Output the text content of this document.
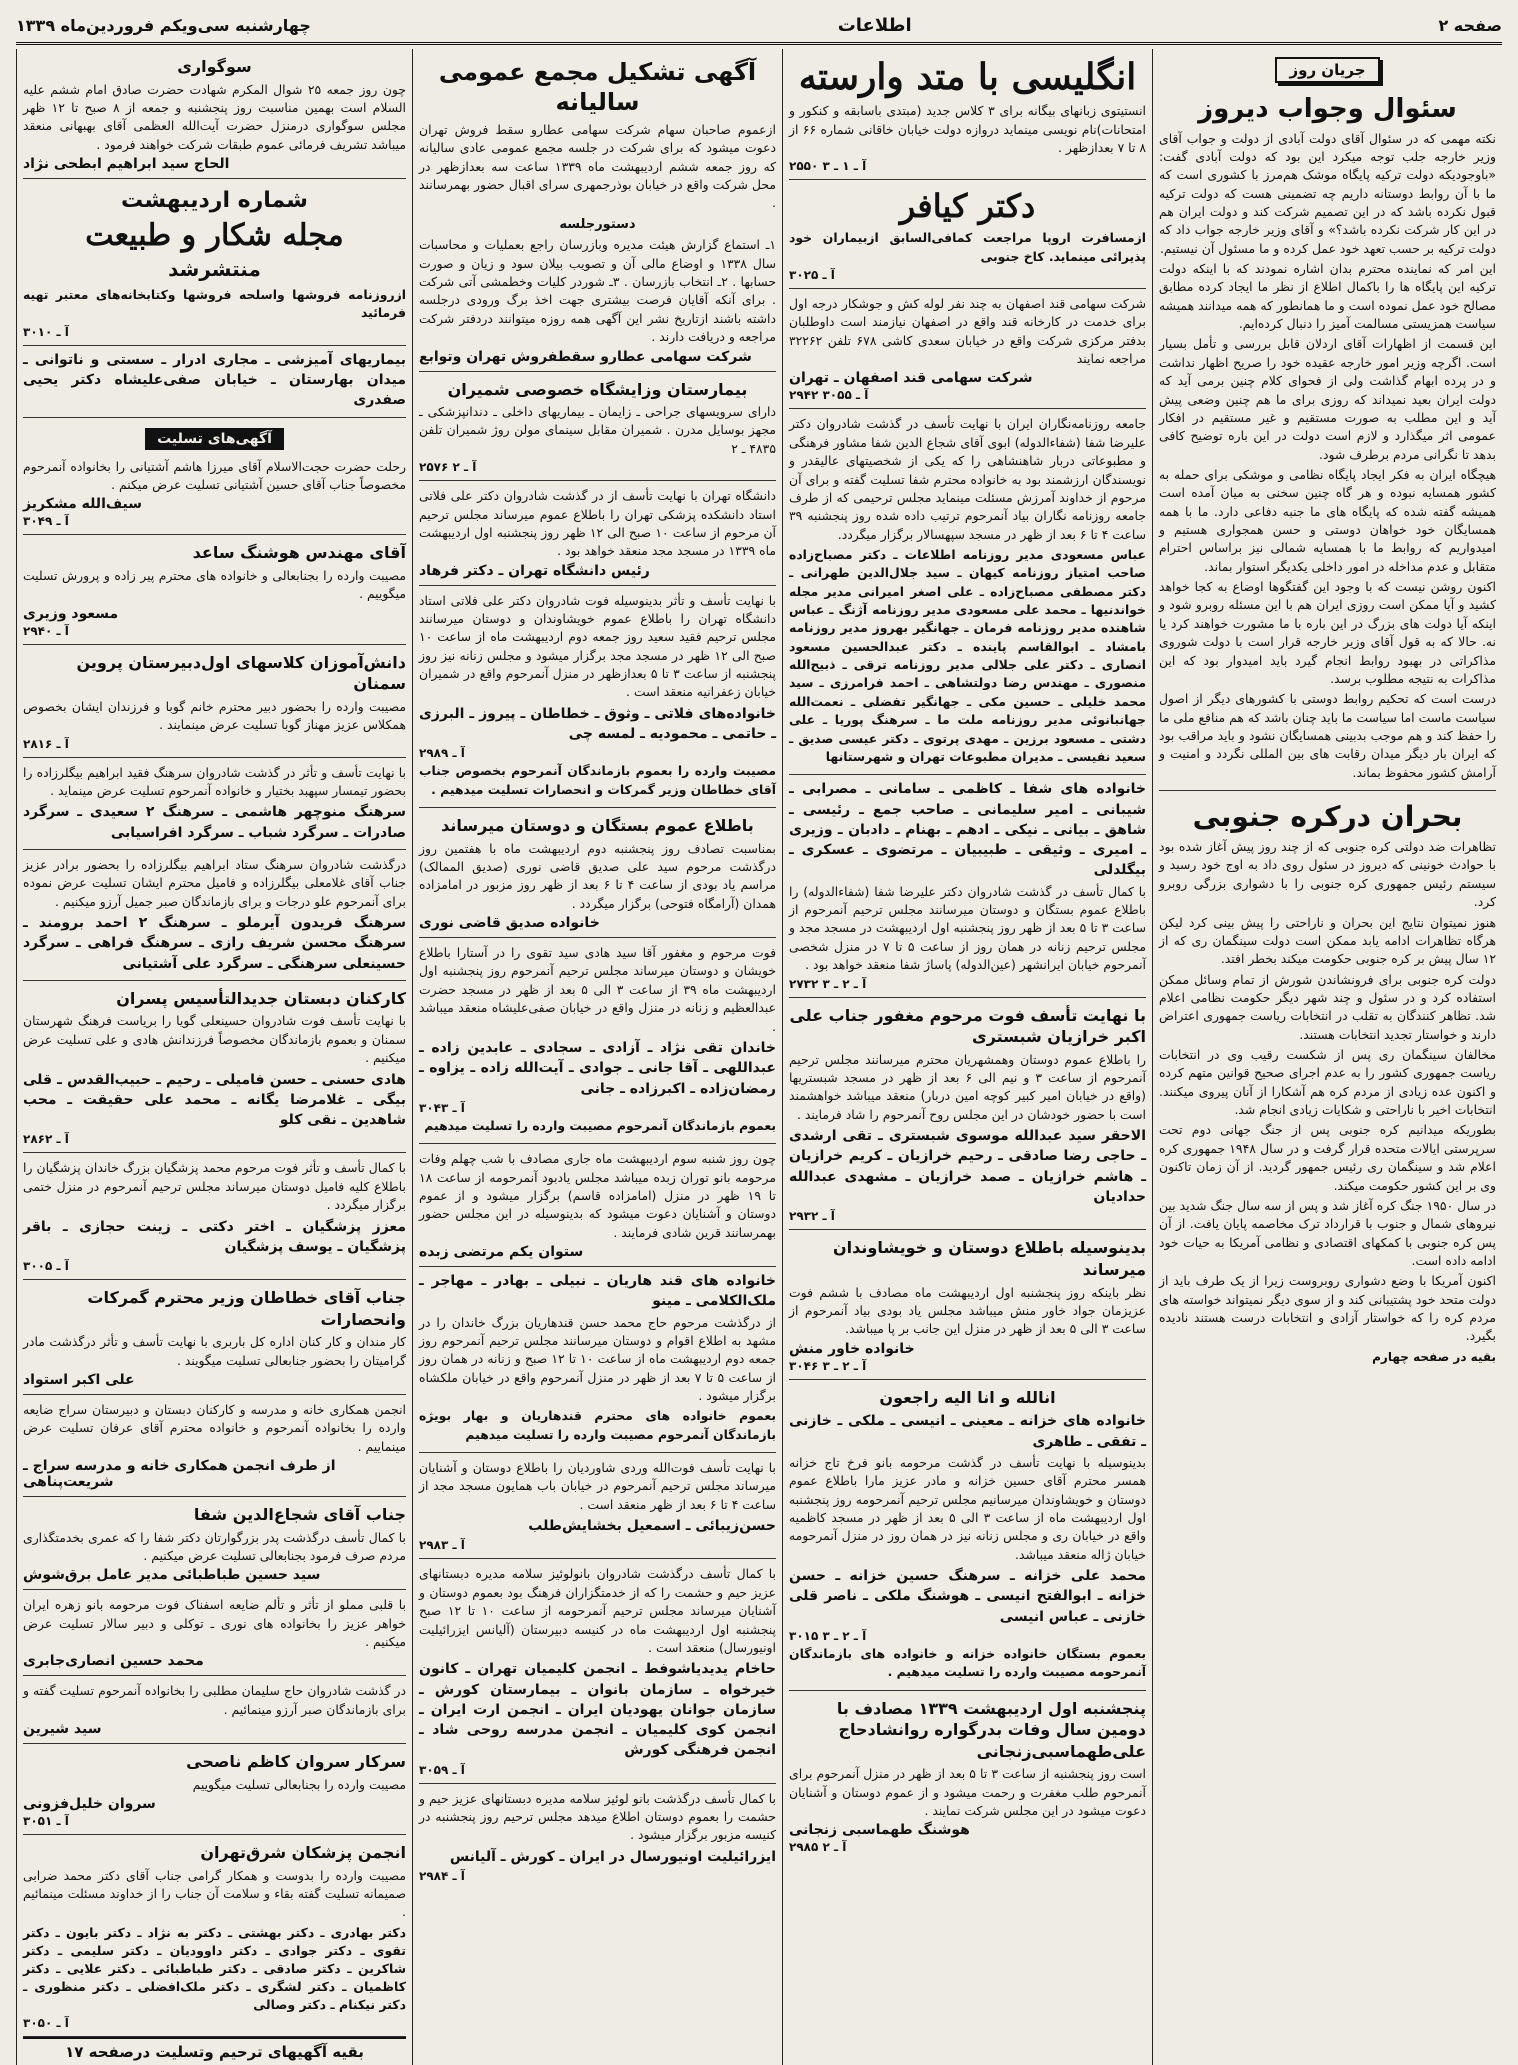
صفحه ۲
اطلاعات
چهارشنبه سی‌ویکم فروردین‌ماه ۱۳۳۹
جریان روز
سئوال وجواب دیروز

نکته مهمی که در سئوال آقای دولت آبادی از دولت و جواب آقای وزیر خارجه جلب توجه میکرد این بود که دولت آبادی گفت: «باوجودیکه دولت ترکیه پایگاه موشک هم‌مرز با کشوری است که ما با آن روابط دوستانه داریم چه تضمینی هست که دولت ترکیه قبول نکرده باشد که در این تصمیم شرکت کند و دولت ایران هم در این کار شرکت نکرده باشد؟» و آقای وزیر خارجه جواب داد که دولت ترکیه بر حسب تعهد خود عمل کرده و ما مسئول آن نیستیم.

این امر که نماینده محترم بدان اشاره نمودند که با اینکه دولت ترکیه این پایگاه ها را باکمال اطلاع از نظر ما ایجاد کرده مطابق مصالح خود عمل نموده است و ما همانطور که همه میدانند همیشه سیاست همزیستی مسالمت آمیز را دنبال کرده‌ایم.

این قسمت از اظهارات آقای اردلان قابل بررسی و تأمل بسیار است. اگرچه وزیر امور خارجه عقیده خود را صریح اظهار نداشت و در پرده ابهام گذاشت ولی از فحوای کلام چنین برمی آید که دولت ایران بعید نمیداند که روزی برای ما هم چنین وضعی پیش آید و این مطلب به صورت مستقیم و غیر مستقیم در افکار عمومی اثر میگذارد و لازم است دولت در این باره توضیح کافی بدهد تا نگرانی مردم برطرف شود.

هیچگاه ایران به فکر ایجاد پایگاه نظامی و موشکی برای حمله به کشور همسایه نبوده و هر گاه چنین سخنی به میان آمده است همیشه گفته شده که پایگاه های ما جنبه دفاعی دارد. ما با همه همسایگان خود خواهان دوستی و حسن همجواری هستیم و امیدواریم که روابط ما با همسایه شمالی نیز براساس احترام متقابل و عدم مداخله در امور داخلی یکدیگر استوار بماند.

اکنون روشن نیست که با وجود این گفتگوها اوضاع به کجا خواهد کشید و آیا ممکن است روزی ایران هم با این مسئله روبرو شود و اینکه آیا دولت های بزرگ در این باره با ما مشورت خواهند کرد یا نه. حالا که به قول آقای وزیر خارجه قرار است با دولت شوروی مذاکراتی در بهبود روابط انجام گیرد باید امیدوار بود که این مذاکرات به نتیجه مطلوب برسد.

درست است که تحکیم روابط دوستی با کشورهای دیگر از اصول سیاست ماست اما سیاست ما باید چنان باشد که هم منافع ملی ما را حفظ کند و هم موجب بدبینی همسایگان نشود و باید مراقب بود که ایران بار دیگر میدان رقابت های بین المللی نگردد و امنیت و آرامش کشور محفوظ بماند.

بحران درکره جنوبی

تظاهرات ضد دولتی کره جنوبی که از چند روز پیش آغاز شده بود با حوادث خونینی که دیروز در سئول روی داد به اوج خود رسید و سیستم رئیس جمهوری کره جنوبی را با دشواری بزرگی روبرو کرد.

هنوز نمیتوان نتایج این بحران و ناراحتی را پیش بینی کرد لیکن هرگاه تظاهرات ادامه یابد ممکن است دولت سینگمان ری که از ۱۲ سال پیش بر کره جنوبی حکومت میکند بخطر افتد.

دولت کره جنوبی برای فرونشاندن شورش از تمام وسائل ممکن استفاده کرد و در سئول و چند شهر دیگر حکومت نظامی اعلام شد. تظاهر کنندگان به تقلب در انتخابات ریاست جمهوری اعتراض دارند و خواستار تجدید انتخابات هستند.

مخالفان سینگمان ری پس از شکست رقیب وی در انتخابات ریاست جمهوری کشور را به عدم اجرای صحیح قوانین متهم کرده و اکنون عده زیادی از مردم کره هم آشکارا از آنان پیروی میکنند. انتخابات اخیر با ناراحتی و شکایات زیادی انجام شد.

بطوریکه میدانیم کره جنوبی پس از جنگ جهانی دوم تحت سرپرستی ایالات متحده قرار گرفت و در سال ۱۹۴۸ جمهوری کره اعلام شد و سینگمان ری رئیس جمهور گردید. از آن زمان تاکنون وی بر این کشور حکومت میکند.

در سال ۱۹۵۰ جنگ کره آغاز شد و پس از سه سال جنگ شدید بین نیروهای شمال و جنوب با قرارداد ترک مخاصمه پایان یافت. از آن پس کره جنوبی با کمکهای اقتصادی و نظامی آمریکا به حیات خود ادامه داده است.

اکنون آمریکا با وضع دشواری روبروست زیرا از یک طرف باید از دولت متحد خود پشتیبانی کند و از سوی دیگر نمیتواند خواسته های مردم کره را که خواستار آزادی و انتخابات درست هستند نادیده بگیرد.

بقیه در صفحه چهارم
انگلیسی با متد وارسته

انستیتوی زبانهای بیگانه برای ۳ کلاس جدید (مبتدی باسابقه و کنکور و امتحانات)نام نویسی مینماید دروازه دولت خیابان خاقانی شماره ۶۶ از ۸ تا ۷ بعدازظهر .

۲۵۵۰ آ ـ ۱ ـ ۳
دکتر کیافر

ازمسافرت اروپا مراجعت کمافی‌السابق ازبیماران خود پذیرائی مینماید. کاخ جنوبی

۳۰۲۵ آ ـ

شرکت سهامی قند اصفهان به چند نفر لوله کش و جوشکار درجه اول برای خدمت در کارخانه قند واقع در اصفهان نیازمند است داوطلبان بدفتر مرکزی شرکت واقع در خیابان سعدی کاشی ۶۷۸ تلفن ۳۲۲۶۲ مراجعه نمایند

شرکت سهامی قند اصفهان ـ تهران
۲۹۴۲ آ ـ ۳۰۵۵

جامعه روزنامه‌نگاران ایران با نهایت تأسف در گذشت شادروان دکتر علیرضا شفا (شفاءالدوله) ابوی آقای شجاع الدین شفا مشاور فرهنگی و مطبوعاتی دربار شاهنشاهی را که یکی از شخصیتهای عالیقدر و نویسندگان ارزشمند بود به خانواده محترم شفا تسلیت گفته و برای آن مرحوم از خداوند آمرزش مسئلت مینماید مجلس ترحیمی که از طرف جامعه روزنامه نگاران بیاد آنمرحوم ترتیب داده شده روز پنجشنبه ۳۹ ساعت ۴ تا ۶ بعد از ظهر در مسجد سپهسالار برگزار میگردد.

عباس مسعودی مدیر روزنامه اطلاعات ـ دکتر مصباح‌زاده صاحب امتیاز روزنامه کیهان ـ سید جلال‌الدین طهرانی ـ دکتر مصطفی مصباح‌زاده ـ علی اصغر امیرانی مدیر مجله خواندنیها ـ محمد علی مسعودی مدیر روزنامه آژنگ ـ عباس شاهنده مدیر روزنامه فرمان ـ جهانگیر بهروز مدیر روزنامه بامشاد ـ ابوالقاسم پاینده ـ دکتر عبدالحسین مسعود انصاری ـ دکتر علی جلالی مدیر روزنامه ترقی ـ ذبیح‌الله منصوری ـ مهندس رضا دولتشاهی ـ احمد فرامرزی ـ سید محمد خلیلی ـ حسین مکی ـ جهانگیر تفضلی ـ نعمت‌الله جهانبانوئی مدیر روزنامه ملت ما ـ سرهنگ پوریا ـ علی دشتی ـ مسعود برزین ـ مهدی پرتوی ـ دکتر عیسی صدیق ـ سعید نفیسی ـ مدیران مطبوعات تهران و شهرستانها

خانواده های شفا ـ کاظمی ـ سامانی ـ مصرابی ـ شیبانی ـ امیر سلیمانی ـ صاحب جمع ـ رئیسی ـ شاهق ـ بیانی ـ نیکی ـ ادهم ـ بهنام ـ دادبان ـ وزیری ـ امیری ـ وثیقی ـ طبیبیان ـ مرتضوی ـ عسکری ـ بیگلدلی

با کمال تأسف در گذشت شادروان دکتر علیرضا شفا (شفاءالدوله) را باطلاع عموم بستگان و دوستان میرسانند مجلس ترحیم آنمرحوم از ساعت ۳ تا ۵ بعد از ظهر روز پنجشنبه اول اردیبهشت در مسجد مجد و مجلس ترحیم زنانه در همان روز از ساعت ۵ تا ۷ در منزل شخصی آنمرحوم خیابان ایرانشهر (عین‌الدوله) پاساژ شفا منعقد خواهد بود .

۲۷۳۲ آ ـ ۲ ـ ۳
با نهایت تأسف فوت مرحوم مغفور جناب علی اکبر خرازیان شبستری

را باطلاع عموم دوستان وهمشهریان محترم میرسانند مجلس ترحیم آنمرحوم از ساعت ۳ و نیم الی ۶ بعد از ظهر در مسجد شبستریها (واقع در خیابان امیر کبیر کوچه امین دربار) منعقد میباشد خواهشمند است با حضور خودشان در این مجلس روح آنمرحوم را شاد فرمایند .

الاحقر سید عبدالله موسوی شبستری ـ تقی ارشدی ـ حاجی رضا صادقی ـ رحیم خرازیان ـ کریم خرازیان ـ هاشم خرازیان ـ صمد خرازیان ـ مشهدی عبدالله حدادیان
۲۹۳۲ آ ـ
بدینوسیله باطلاع دوستان و خویشاوندان میرساند

نظر باینکه روز پنجشنبه اول اردیبهشت ماه مصادف با ششم فوت عزیزمان جواد خاور منش میباشد مجلس یاد بودی بیاد آنمرحوم از ساعت ۳ الی ۵ بعد از ظهر در منزل این جانب بر پا میباشد.

خانواده خاور منش
۳۰۴۶ آ ـ ۲ ـ ۳
انالله و انا الیه راجعون
خانواده های خزانه ـ معینی ـ انیسی ـ ملکی ـ خازنی ـ تفقی ـ طاهری

بدینوسیله با نهایت تأسف در گذشت مرحومه بانو فرخ تاج خزانه همسر محترم آقای حسین خزانه و مادر عزیز مارا باطلاع عموم دوستان و خویشاوندان میرسانیم مجلس ترحیم آنمرحومه روز پنجشنبه اول اردیبهشت ماه از ساعت ۳ الی ۵ بعد از ظهر در مسجد کاظمیه واقع در خیابان ری و مجلس زنانه نیز در همان روز در منزل آنمرحومه خیابان ژاله منعقد میباشد.

محمد علی خزانه ـ سرهنگ حسین خزانه ـ حسن خزانه ـ ابوالفتح انیسی ـ هوشنگ ملکی ـ ناصر قلی خازنی ـ عباس انیسی
۳۰۱۵ آ ـ ۲ ـ ۳

بعموم بستگان خانواده خزانه و خانواده های بازماندگان آنمرحومه مصیبت وارده را تسلیت میدهیم .

پنجشنبه اول اردیبهشت ۱۳۳۹ مصادف با دومین سال وفات بدرگواره روانشادحاج علی‌طهماسبی‌زنجانی

است روز پنجشنبه از ساعت ۳ تا ۵ بعد از ظهر در منزل آنمرحوم برای آنمرحوم طلب مغفرت و رحمت میشود و از عموم دوستان و آشنایان دعوت میشود در این مجلس شرکت نمایند .

هوشنگ طهماسبی زنجانی
۲۹۸۵ آ ـ ۲
آگهی تشکیل مجمع عمومی سالیانه

ازعموم صاحبان سهام شرکت سهامی عطارو سقط فروش تهران دعوت میشود که برای شرکت در جلسه مجمع عمومی عادی سالیانه که روز جمعه ششم اردیبهشت ماه ۱۳۳۹ ساعت سه بعدازظهر در محل شرکت واقع در خیابان بوذرجمهری سرای اقبال حضور بهمرسانند .

دستورجلسه

۱ـ استماع گزارش هیئت مدیره وبازرسان راجع بعملیات و محاسبات سال ۱۳۳۸ و اوضاع مالی آن و تصویب بیلان سود و زیان و صورت حسابها . ۲ـ انتخاب بازرسان . ۳ـ شوردر کلیات وخطمشی آتی شرکت . برای آنکه آقایان فرصت بیشتری جهت اخذ برگ ورودی درجلسه داشته باشند ازتاریخ نشر این آگهی همه روزه میتوانند دردفتر شرکت مراجعه و دریافت دارند .

شرکت سهامی عطارو سقطفروش تهران وتوابع
بیمارستان وزایشگاه خصوصی شمیران

دارای سرویسهای جراحی ـ زایمان ـ بیماریهای داخلی ـ دندانپزشکی ـ مجهز بوسایل مدرن . شمیران مقابل سینمای مولن روژ شمیران تلفن ۴۸۳۵ ـ ۲

۲۵۷۶ آ ـ ۲

دانشگاه تهران با نهایت تأسف از در گذشت شادروان دکتر علی فلاتی استاد دانشکده پزشکی تهران را باطلاع عموم میرساند مجلس ترحیم آن مرحوم از ساعت ۱۰ صبح الی ۱۲ ظهر روز پنجشنبه اول اردیبهشت ماه ۱۳۳۹ در مسجد مجد منعقد خواهد بود .

رئیس دانشگاه تهران ـ دکتر فرهاد

با نهایت تأسف و تأثر بدینوسیله فوت شادروان دکتر علی فلاتی استاد دانشگاه تهران را باطلاع عموم خویشاوندان و دوستان میرسانند مجلس ترحیم فقید سعید روز جمعه دوم اردیبهشت ماه از ساعت ۱۰ صبح الی ۱۲ ظهر در مسجد مجد برگزار میشود و مجلس زنانه نیز روز پنجشنبه از ساعت ۳ تا ۵ بعدازظهر در منزل آنمرحوم واقع در شمیران خیابان زعفرانیه منعقد است .

خانواده‌های فلاتی ـ وثوق ـ خطاطان ـ پیروز ـ البرزی ـ حاتمی ـ محمودیه ـ لمسه چی
۲۹۸۹ آ ـ

مصیبت وارده را بعموم بازماندگان آنمرحوم بخصوص جناب آقای خطاطان وزیر گمرکات و انحصارات تسلیت میدهیم .

باطلاع عموم بستگان و دوستان میرساند

بمناسبت تصادف روز پنجشنبه دوم اردیبهشت ماه با هفتمین روز درگذشت مرحوم سید علی صدیق قاضی نوری (صدیق الممالک) مراسم یاد بودی از ساعت ۴ تا ۶ بعد از ظهر روز مزبور در امامزاده همدان (آرامگاه فتوحی) برگزار میگردد .

خانواده صدیق قاضی نوری

فوت مرحوم و مغفور آقا سید هادی سید تقوی را در آستارا باطلاع خویشان و دوستان میرساند مجلس ترحیم آنمرحوم روز پنجشنبه اول اردیبهشت ماه ۳۹ از ساعت ۳ الی ۵ بعد از ظهر در مسجد حضرت عبدالعظیم و زنانه در منزل واقع در خیابان صفی‌علیشاه منعقد میباشد .

خاندان تقی نژاد ـ آزادی ـ سجادی ـ عابدین زاده ـ عبداللهی ـ آقا جانی ـ جوادی ـ آیت‌الله زاده ـ یزاوه ـ رمضان‌زاده ـ اکبرزاده ـ جانی
۳۰۴۳ آ ـ

بعموم بازماندگان آنمرحوم مصیبت وارده را تسلیت میدهیم

چون روز شنبه سوم اردیبهشت ماه جاری مصادف با شب چهلم وفات مرحومه بانو توران زبده میباشد مجلس یادبود آنمرحومه از ساعت ۱۸ تا ۱۹ ظهر در منزل (امامزاده قاسم) برگزار میشود و از عموم دوستان و آشنایان دعوت میشود که بدینوسیله در این مجلس حضور بهمرسانند قرین شادی فرمایند .

ستوان یکم مرتضی زبده
خانواده های قند هاریان ـ نبیلی ـ بهادر ـ مهاجر ـ ملک‌الکلامی ـ مینو

از درگذشت مرحوم حاج محمد حسن قندهاریان بزرگ خاندان را در مشهد به اطلاع اقوام و دوستان میرسانند مجلس ترحیم آنمرحوم روز جمعه دوم اردیبهشت ماه از ساعت ۱۰ تا ۱۲ صبح و زنانه در همان روز از ساعت ۵ تا ۷ بعد از ظهر در منزل آنمرحوم واقع در خیابان ملکشاه برگزار میشود .

بعموم خانواده های محترم قندهاریان و بهار بویژه بازماندگان آنمرحوم مصیبت وارده را تسلیت میدهیم

با نهایت تأسف فوت‌الله وردی شاوردیان را باطلاع دوستان و آشنایان میرساند مجلس ترحیم آنمرحوم در خیابان باب همایون مسجد مجد از ساعت ۴ تا ۶ بعد از ظهر منعقد است .

حسن‌زیبائی ـ اسمعیل بخشایش‌طلب
۲۹۸۳ آ ـ

با کمال تأسف درگذشت شادروان بانولوئیز سلامه مدیره دبستانهای عزیز حیم و حشمت را که از خدمتگزاران فرهنگ بود بعموم دوستان و آشنایان میرساند مجلس ترحیم آنمرحومه از ساعت ۱۰ تا ۱۲ صبح پنجشنبه اول اردیبهشت ماه در کنیسه دبیرستان (آلیانس ایزرائیلیت اونیورسال) منعقد است .

حاخام یدیدیاشوفط ـ انجمن کلیمیان تهران ـ کانون خیرخواه ـ سازمان بانوان ـ بیمارستان کورش ـ سازمان جوانان یهودیان ایران ـ انجمن ارت ایران ـ انجمن کوی کلیمیان ـ انجمن مدرسه روحی شاد ـ انجمن فرهنگی کورش
۳۰۵۹ آ ـ

با کمال تأسف درگذشت بانو لوئیز سلامه مدیره دبستانهای عزیز حیم و حشمت را بعموم دوستان اطلاع میدهد مجلس ترحیم روز پنجشنبه در کنیسه مزبور برگزار میشود .

ایزرائیلیت اونیورسال در ایران ـ کورش ـ آلیانس
۲۹۸۴ آ ـ
سوگواری

چون روز جمعه ۲۵ شوال المکرم شهادت حضرت صادق امام ششم علیه السلام است بهمین مناسبت روز پنجشنبه و جمعه از ۸ صبح تا ۱۲ ظهر مجلس سوگواری درمنزل حضرت آیت‌الله العظمی آقای بهبهانی منعقد میباشد تشریف فرمائی عموم طبقات شرکت خواهند فرمود .

الحاج سید ابراهیم ابطحی نژاد
شماره اردیبهشت
مجله شکار و طبیعت
منتشرشد

ازروزنامه فروشها واسلحه فروشها وکتابخانه‌های معتبر تهیه فرمائید

۳۰۱۰ آ ـ
بیماریهای آمیزشی ـ مجاری ادرار ـ سستی و ناتوانی ـ میدان بهارستان ـ خیابان صفی‌علیشاه دکتر یحیی صفدری
آگهی‌های تسلیت

رحلت حضرت حجت‌الاسلام آقای میرزا هاشم آشتیانی را بخانواده آنمرحوم مخصوصاً جناب آقای حسین آشتیانی تسلیت عرض میکنم .

سیف‌الله مشکریز
۳۰۴۹ آ ـ
آقای مهندس هوشنگ ساعد

مصیبت وارده را بجنابعالی و خانواده های محترم پیر زاده و پرورش تسلیت میگوییم .

مسعود وزیری
۲۹۴۰ آ ـ
دانش‌آموزان کلاسهای اول‌دبیرستان پروین سمنان

مصیبت وارده را بحضور دبیر محترم خانم گوبا و فرزندان ایشان بخصوص همکلاس عزیز مهناز گوبا تسلیت عرض مینمایند .

۲۸۱۶ آ ـ

با نهایت تأسف و تأثر در گذشت شادروان سرهنگ فقید ابراهیم بیگلرزاده را بحضور تیمسار سپهبد بختیار و خانواده آنمرحوم تسلیت عرض مینماید .

سرهنگ منوچهر هاشمی ـ سرهنگ ۲ سعیدی ـ سرگرد صادرات ـ سرگرد شباب ـ سرگرد افراسیابی

درگذشت شادروان سرهنگ ستاد ابراهیم بیگلرزاده را بحضور برادر عزیز جناب آقای غلامعلی بیگلرزاده و فامیل محترم ایشان تسلیت عرض نموده برای آنمرحوم علو درجات و برای بازماندگان صبر جمیل آرزو میکنیم .

سرهنگ فریدون آیرملو ـ سرهنگ ۲ احمد برومند ـ سرهنگ محسن شریف رازی ـ سرهنگ فراهی ـ سرگرد حسینعلی سرهنگی ـ سرگرد علی آشتیانی
کارکنان دبستان جدیدالتأسیس پسران

با نهایت تأسف فوت شادروان حسینعلی گویا را بریاست فرهنگ شهرستان سمنان و بعموم بازماندگان مخصوصاً فرزندانش هادی و علی تسلیت عرض میکنیم .

هادی حسنی ـ حسن فامیلی ـ رحیم ـ حبیب‌القدس ـ قلی بیگی ـ غلامرضا یگانه ـ محمد علی حقیقت ـ محب شاهدین ـ نقی کلو
۲۸۶۲ آ ـ

با کمال تأسف و تأثر فوت مرحوم محمد پزشگیان بزرگ خاندان پزشگیان را باطلاع کلیه فامیل دوستان میرساند مجلس ترحیم آنمرحوم در منزل ختمی برگزار میگردد .

معزز پزشگیان ـ اختر دکتی ـ زینت حجازی ـ باقر پزشگیان ـ یوسف پزشگیان
۳۰۰۵ آ ـ
جناب آقای خطاطان وزیر محترم گمرکات وانحصارات

کار مندان و کار کنان اداره کل باربری با نهایت تأسف و تأثر درگذشت مادر گرامیتان را بحضور جنابعالی تسلیت میگویند .

علی اکبر استواد

انجمن همکاری خانه و مدرسه و کارکنان دبستان و دبیرستان سراج ضایعه وارده را بخانواده آنمرحوم و خانواده محترم آقای عرفان تسلیت عرض مینماییم .

از طرف انجمن همکاری خانه و مدرسه سراج ـ شریعت‌پناهی
جناب آقای شجاع‌الدین شفا

با کمال تأسف درگذشت پدر بزرگوارتان دکتر شفا را که عمری بخدمتگذاری مردم صرف فرمود بجنابعالی تسلیت عرض میکنیم .

سید حسین طباطبائی مدیر عامل برق‌شوش

با قلبی مملو از تأثر و تألم ضایعه اسفناک فوت مرحومه بانو زهره ایران خواهر عزیز را بخانواده های نوری ـ توکلی و دبیر سالار تسلیت عرض میکنیم .

محمد حسین انصاری‌جابری

در گذشت شادروان حاج سلیمان مطلبی را بخانواده آنمرحوم تسلیت گفته و برای بازماندگان صبر آرزو مینمائیم .

سید شیرین
سرکار سروان کاظم ناصحی

مصیبت وارده را بجنابعالی تسلیت میگوییم

سروان خلیل‌فزونی
۳۰۵۱ آ ـ
انجمن پزشکان شرق‌تهران

مصیبت وارده را بدوست و همکار گرامی جناب آقای دکتر محمد ضرابی صمیمانه تسلیت گفته بقاء و سلامت آن جناب را از خداوند مسئلت مینمائیم .

دکتر بهادری ـ دکتر بهشتی ـ دکتر به نژاد ـ دکتر بایون ـ دکتر تقوی ـ دکتر جوادی ـ دکتر داوودیان ـ دکتر سلیمی ـ دکتر شاکرین ـ دکتر صادقی ـ دکتر طباطبائی ـ دکتر علایی ـ دکتر کاظمیان ـ دکتر لشگری ـ دکتر ملک‌افضلی ـ دکتر منظوری ـ دکتر نیکنام ـ دکتر وصالی
۳۰۵۰ آ ـ
بقیه آگهیهای ترحیم وتسلیت درصفحه ۱۷
